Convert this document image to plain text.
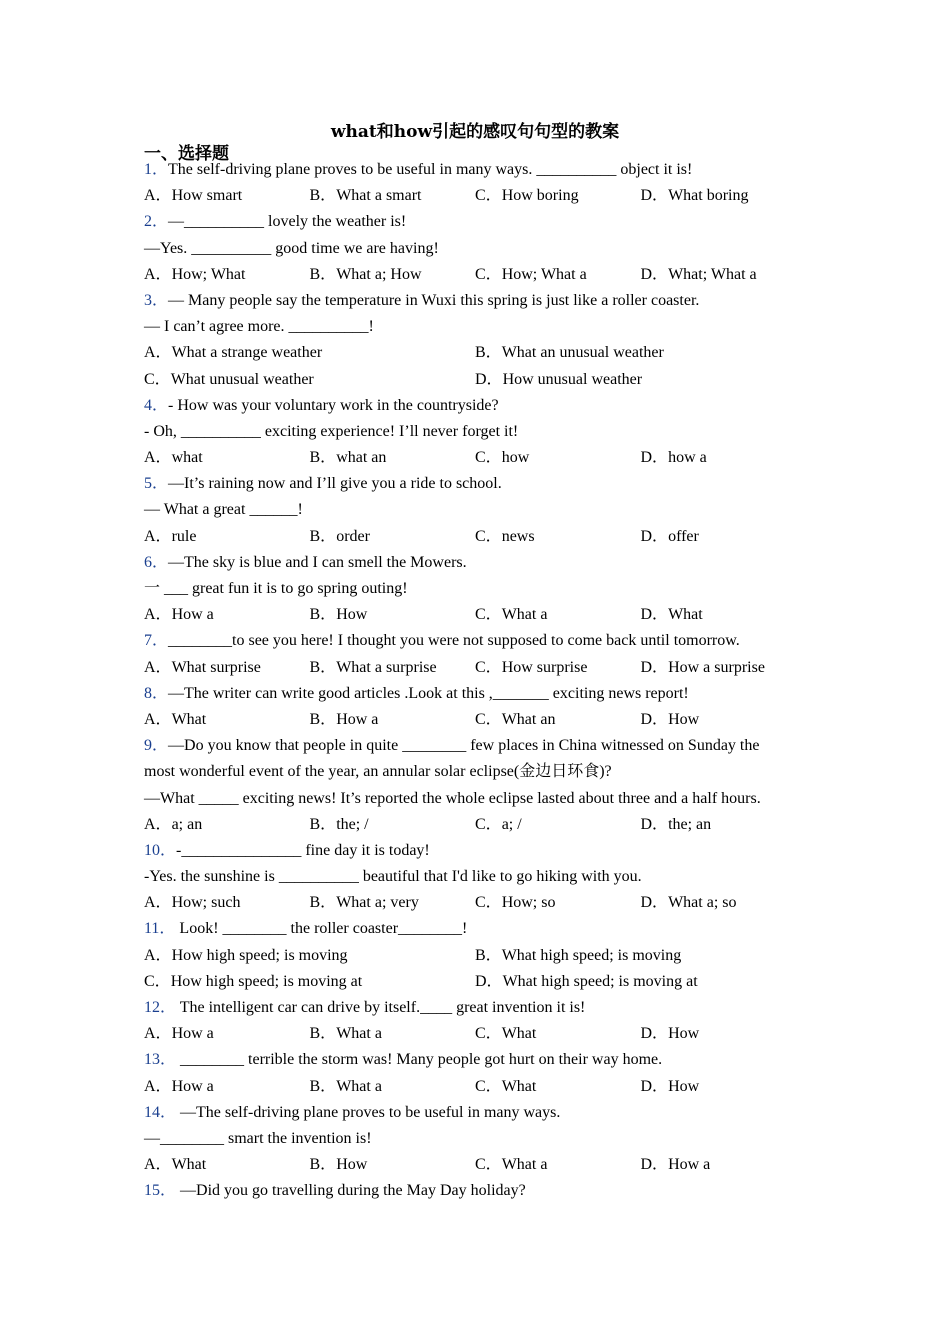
what和how引起的感叹句句型的教案
一、选择题
1．The self-driving plane proves to be useful in many ways. __________ object it is!
A．How smart	B．What a smart	C．How boring	D．What boring
2．—__________ lovely the weather is!
—Yes. __________ good time we are having!
A．How; What	B．What a; How	C．How; What a	D．What; What a
3．— Many people say the temperature in Wuxi this spring is just like a roller coaster.
— I can’t agree more. __________!
A．What a strange weather	B．What an unusual weather
C．What unusual weather	D．How unusual weather
4．- How was your voluntary work in the countryside?
- Oh, __________ exciting experience! I’ll never forget it!
A．what	B．what an	C．how	D．how a
5．—It’s raining now and I’ll give you a ride to school.
— What a great ______!
A．rule	B．order	C．news	D．offer
6．—The sky is blue and I can smell the Mowers.
一 ___ great fun it is to go spring outing!
A．How a	B．How	C．What a	D．What
7．________to see you here! I thought you were not supposed to come back until tomorrow.
A．What surprise	B．What a surprise	C．How surprise	D．How a surprise
8．—The writer can write good articles .Look at this ,_______ exciting news report!
A．What	B．How a	C．What an	D．How
9．—Do you know that people in quite ________ few places in China witnessed on Sunday the
most wonderful event of the year, an annular solar eclipse(金边日环食)?
—What _____ exciting news! It’s reported the whole eclipse lasted about three and a half hours.
A．a; an	B．the; /	C．a; /	D．the; an
10．-_______________ fine day it is today!
-Yes. the sunshine is __________ beautiful that I'd like to go hiking with you.
A．How; such	B．What a; very	C．How; so	D．What a; so
11． Look! ________ the roller coaster________!
A．How high speed; is moving	B．What high speed; is moving
C．How high speed; is moving at	D．What high speed; is moving at
12． The intelligent car can drive by itself.____ great invention it is!
A．How a	B．What a	C．What	D．How
13． ________ terrible the storm was! Many people got hurt on their way home.
A．How a	B．What a	C．What	D．How
14． —The self-driving plane proves to be useful in many ways.
—________ smart the invention is!
A．What	B．How	C．What a	D．How a
15． —Did you go travelling during the May Day holiday?
